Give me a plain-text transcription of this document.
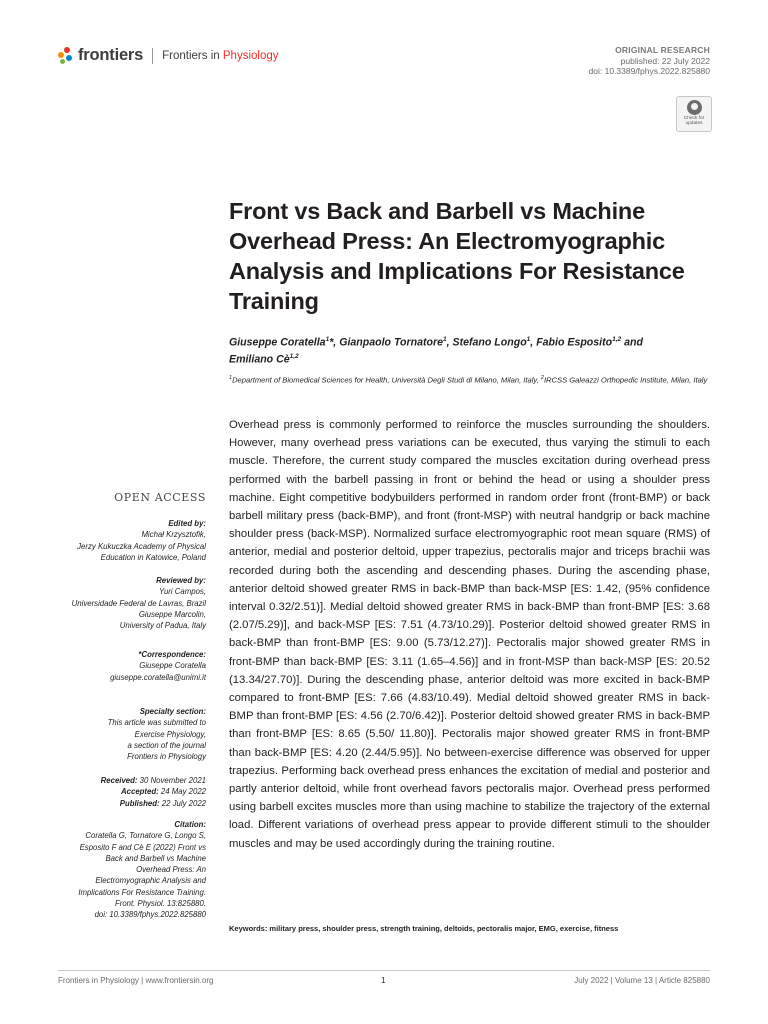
frontiers Frontiers in Physiology	ORIGINAL RESEARCH
published: 22 July 2022
doi: 10.3389/fphys.2022.825880
Check for updates
Front vs Back and Barbell vs Machine Overhead Press: An Electromyographic Analysis and Implications For Resistance Training
Giuseppe Coratella$^1$*, Gianpaolo Tornatore$^1$, Stefano Longo$^1$, Fabio Esposito$^{1,2}$ and
Emiliano Cè$^{1,2}$
$^1$Department of Biomedical Sciences for Health, Università Degli Studi di Milano, Milan, Italy, $^2$IRCSS Galeazzi Orthopedic Institute, Milan, Italy

Overhead press is commonly performed to reinforce the muscles surrounding the shoulders. However, many overhead press variations can be executed, thus varying the stimuli to each muscle. Therefore, the current study compared the muscles excitation during overhead press performed with the barbell passing in front or behind the head or using a shoulder press machine. Eight competitive bodybuilders performed in random order front (front-BMP) or back barbell military press (back-BMP), and front (front-MSP) with neutral handgrip or back machine shoulder press (back-MSP). Normalized surface electromyographic root mean square (RMS) of anterior, medial and posterior deltoid, upper trapezius, pectoralis major and triceps brachii was recorded during both the ascending and descending phases. During the ascending phase, anterior deltoid showed greater RMS in back-BMP than back-MSP [ES: 1.42, (95% confidence interval 0.32/2.51)]. Medial deltoid showed greater RMS in back-BMP than front-BMP [ES: 3.68 (2.07/5.29)], and back-MSP [ES: 7.51 (4.73/10.29)]. Posterior deltoid showed greater RMS in back-BMP than front-BMP [ES: 9.00 (5.73/12.27)]. Pectoralis major showed greater RMS in front-BMP than back-BMP [ES: 3.11 (1.65–4.56)] and in front-MSP than back-MSP [ES: 20.52 (13.34/27.70)]. During the descending phase, anterior deltoid was more excited in back-BMP compared to front-BMP [ES: 7.66 (4.83/10.49). Medial deltoid showed greater RMS in back-BMP than front-BMP [ES: 4.56 (2.70/6.42)]. Posterior deltoid showed greater RMS in back-BMP than front-BMP [ES: 8.65 (5.50/ 11.80)]. Pectoralis major showed greater RMS in front-BMP than back-BMP [ES: 4.20 (2.44/5.95)]. No between-exercise difference was observed for upper trapezius. Performing back overhead press enhances the excitation of medial and posterior and partly anterior deltoid, while front overhead favors pectoralis major. Overhead press performed using barbell excites muscles more than using machine to stabilize the trajectory of the external load. Different variations of overhead press appear to provide different stimuli to the shoulder muscles and may be used accordingly during the training routine.

Keywords: military press, shoulder press, strength training, deltoids, pectoralis major, EMG, exercise, fitness
OPEN ACCESS
Edited by:
Michał Krzysztofik,
Jerzy Kukuczka Academy of Physical
Education in Katowice, Poland
Reviewed by:
Yuri Campos,
Universidade Federal de Lavras, Brazil
Giuseppe Marcolin,
University of Padua, Italy
*Correspondence:
Giuseppe Coratella
giuseppe.coratella@unimi.it
Specialty section:
This article was submitted to
Exercise Physiology,
a section of the journal
Frontiers in Physiology
Received: 30 November 2021
Accepted: 24 May 2022
Published: 22 July 2022
Citation:
Coratella G, Tornatore G, Longo S,
Esposito F and Cè E (2022) Front vs
Back and Barbell vs Machine
Overhead Press: An
Electromyographic Analysis and
Implications For Resistance Training.
Front. Physiol. 13:825880.
doi: 10.3389/fphys.2022.825880
Frontiers in Physiology | www.frontiersin.org	1	July 2022 | Volume 13 | Article 825880
